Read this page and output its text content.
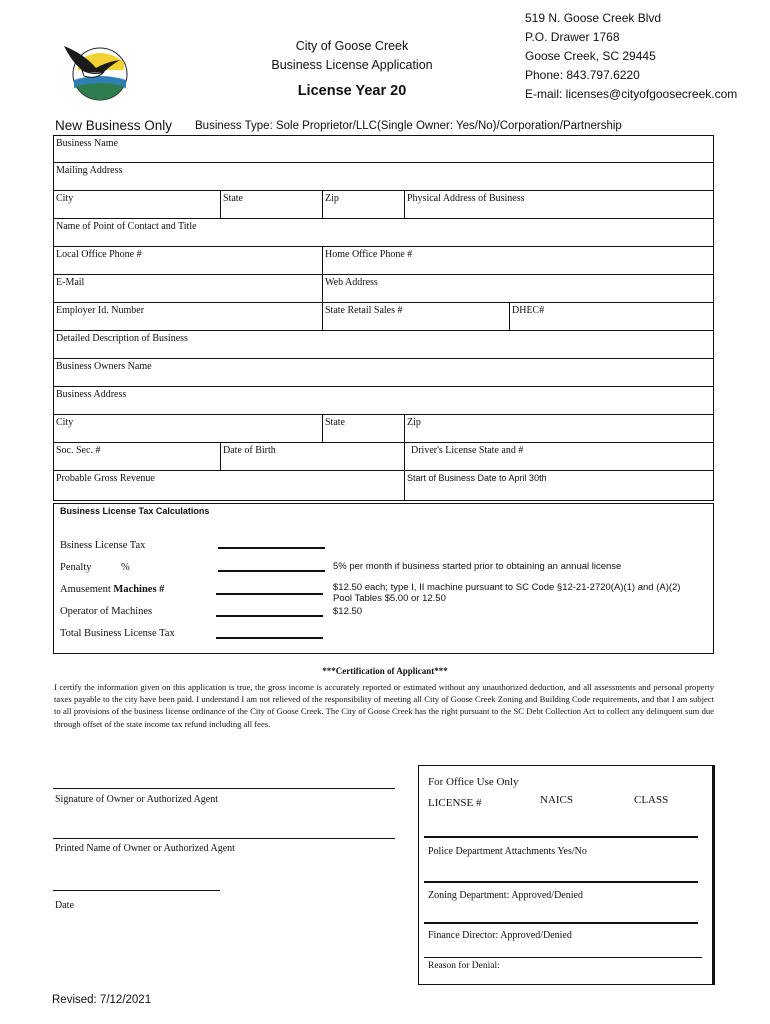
City of Goose Creek
Business License Application
License Year 20
519 N. Goose Creek Blvd
P.O. Drawer 1768
Goose Creek, SC 29445
Phone: 843.797.6220
E-mail: licenses@cityofgoosecreek.com
New Business Only Business Type: Sole Proprietor/LLC(Single Owner: Yes/No)/Corporation/Partnership
Business Name
Mailing Address
City	State	Zip	Physical Address of Business
Name of Point of Contact and Title
Local Office Phone #	Home Office Phone #
E-Mail	Web Address
Employer Id. Number	State Retail Sales #	DHEC#
Detailed Description of Business
Business Owners Name
Business Address
City	State	Zip
Soc. Sec. #	Date of Birth	Driver's License State and #
Probable Gross Revenue	Start of Business Date to April 30th
Business License Tax Calculations
Bsiness License Tax
Penalty	%	5% per month if business started prior to obtaining an annual license
Amusement Machines #	$12.50 each; type I, II machine pursuant to SC Code §12-21-2720(A)(1) and (A)(2)
Pool Tables $5.00 or 12.50
Operator of Machines	$12.50
Total Business License Tax
***Certification of Applicant***
I certify the information given on this application is true, the gross income is accurately reported or estimated without any unauthorized deduction, and all assessments and personal property taxes payable to the city have been paid. I understand I am not relieved of the responsibility of meeting all City of Goose Creek Zoning and Building Code requirements, and that I am subject to all provisions of the business license ordinance of the City of Goose Creek. The City of Goose Creek has the right pursuant to the SC Debt Collection Act to collect any delinquent sum due through offset of the state income tax refund including all fees.
Signature of Owner or Authorized Agent
Printed Name of Owner or Authorized Agent
Date
For Office Use Only
LICENSE #	NAICS	CLASS
Police Department Attachments Yes/No
Zoning Department: Approved/Denied
Finance Director: Approved/Denied
Reason for Denial:
Revised: 7/12/2021
